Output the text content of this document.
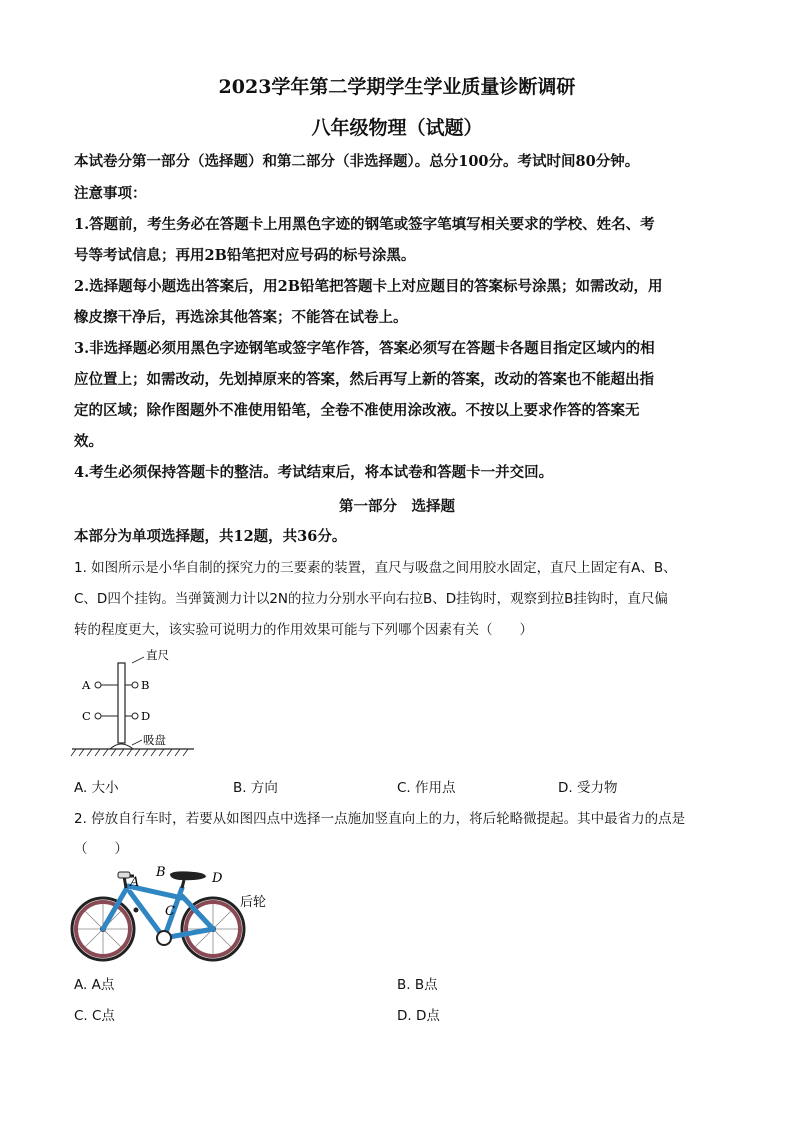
2023学年第二学期学生学业质量诊断调研
八年级物理（试题）
本试卷分第一部分（选择题）和第二部分（非选择题）。总分100分。考试时间80分钟。
注意事项：
1.答题前，考生务必在答题卡上用黑色字迹的钢笔或签字笔填写相关要求的学校、姓名、考
号等考试信息；再用2B铅笔把对应号码的标号涂黑。
2.选择题每小题选出答案后，用2B铅笔把答题卡上对应题目的答案标号涂黑；如需改动，用
橡皮擦干净后，再选涂其他答案；不能答在试卷上。
3.非选择题必须用黑色字迹钢笔或签字笔作答，答案必须写在答题卡各题目指定区域内的相
应位置上；如需改动，先划掉原来的答案，然后再写上新的答案，改动的答案也不能超出指
定的区域；除作图题外不准使用铅笔，全卷不准使用涂改液。不按以上要求作答的答案无
效。
4.考生必须保持答题卡的整洁。考试结束后，将本试卷和答题卡一并交回。
第一部分　选择题
本部分为单项选择题，共12题，共36分。
1. 如图所示是小华自制的探究力的三要素的装置，直尺与吸盘之间用胶水固定，直尺上固定有A、B、
C、D四个挂钩。当弹簧测力计以2N的拉力分别水平向右拉B、D挂钩时，观察到拉B挂钩时，直尺偏
转的程度更大，该实验可说明力的作用效果可能与下列哪个因素有关（　　）
直尺
A
C
B
D
吸盘
A. 大小	B. 方向	C. 作用点	D. 受力物
2. 停放自行车时，若要从如图四点中选择一点施加竖直向上的力，将后轮略微提起。其中最省力的点是
（　　）
A
B
C
D
后轮
A. A点	B. B点
C. C点	D. D点
